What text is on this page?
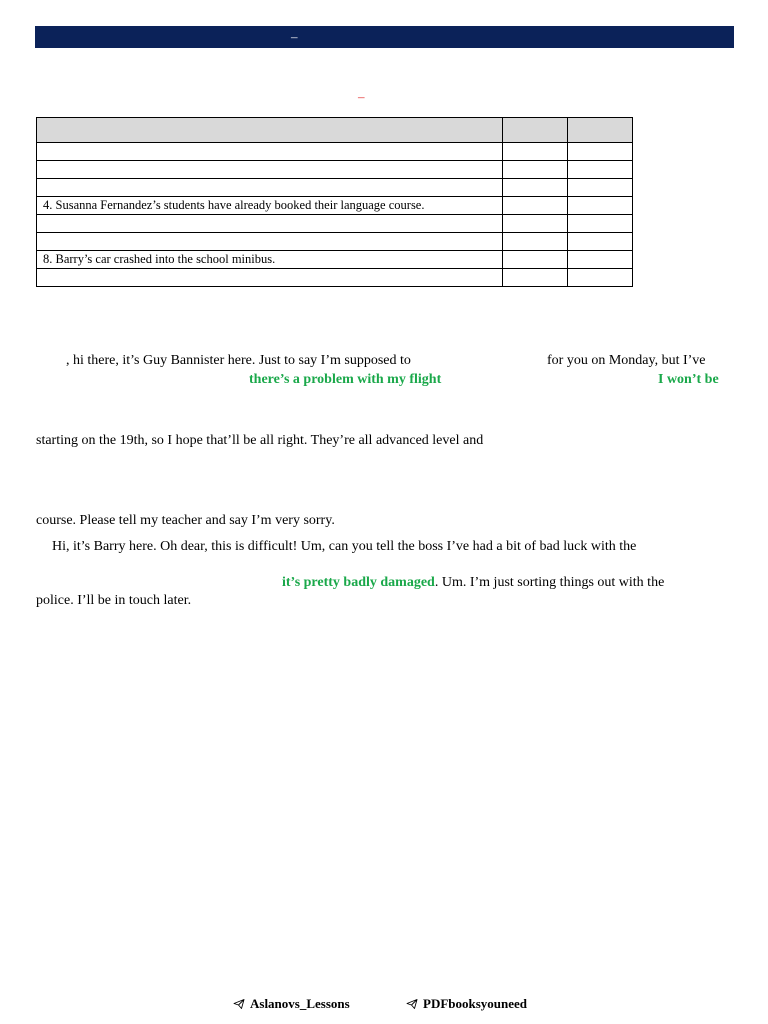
–
–

4. Susanna Fernandez’s students have already booked their language course.		

8. Barry’s car crashed into the school minibus.		

, hi there, it’s Guy Bannister here. Just to say I’m supposed to	for you on Monday, but I’ve
there’s a problem with my flight	I won’t be
starting on the 19th, so I hope that’ll be all right. They’re all advanced level and
course. Please tell my teacher and say I’m very sorry.
Hi, it’s Barry here. Oh dear, this is difficult! Um, can you tell the boss I’ve had a bit of bad luck with the
it’s pretty badly damaged. Um. I’m just sorting things out with the
police. I’ll be in touch later.
Aslanovs_Lessons	PDFbooksyouneed
